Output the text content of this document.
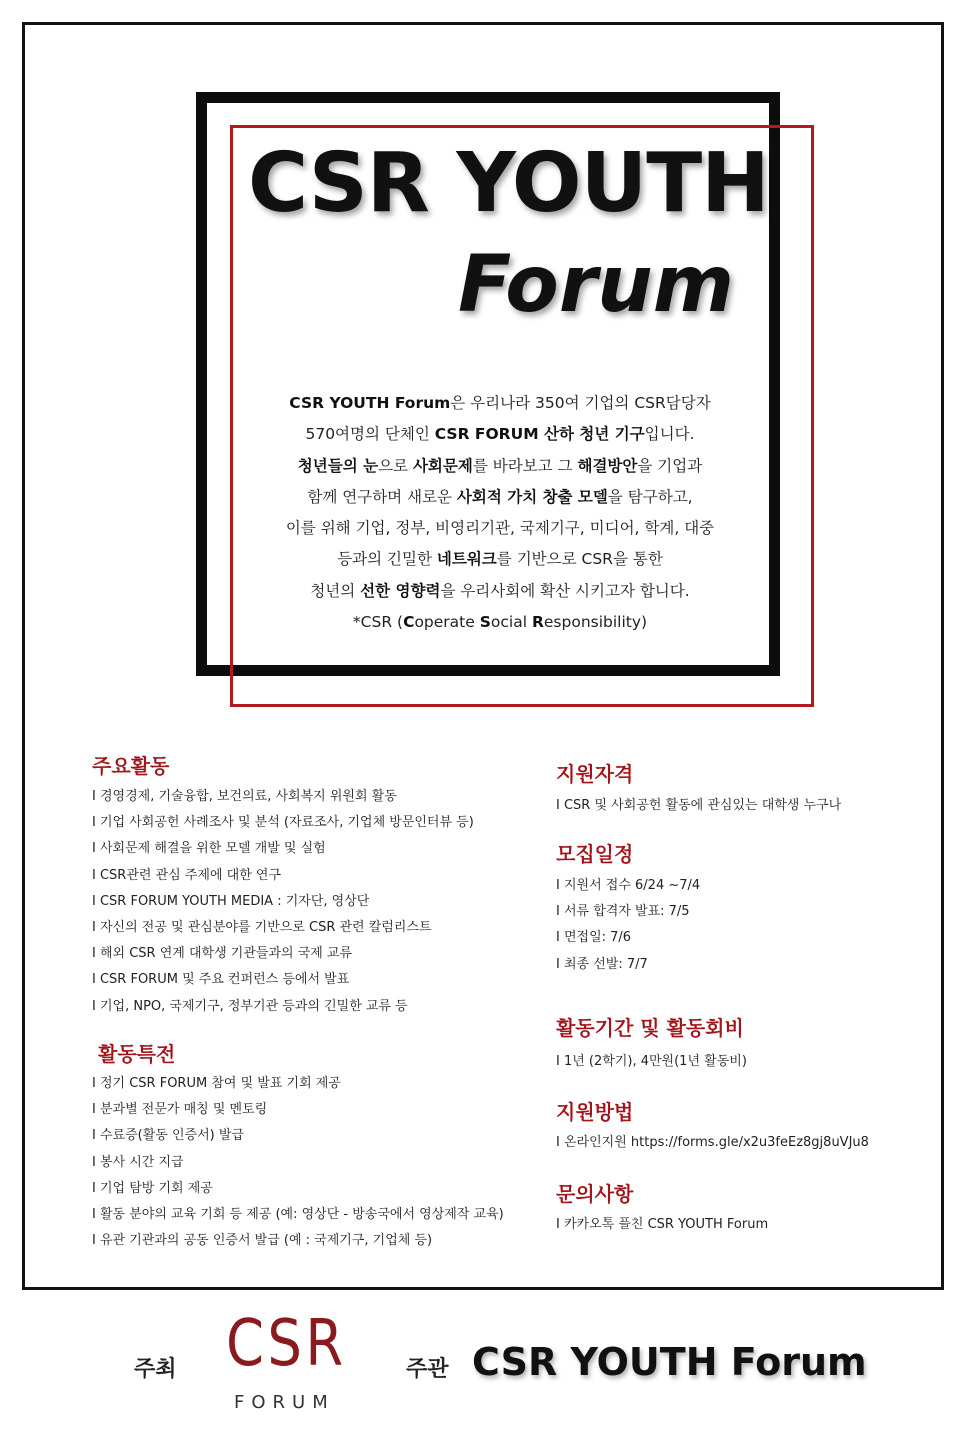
CSR YOUTH
Forum

CSR YOUTH Forum은 우리나라 350여 기업의 CSR담당자

570여명의 단체인 CSR FORUM 산하 청년 기구입니다.

청년들의 눈으로 사회문제를 바라보고 그 해결방안을 기업과

함께 연구하며 새로운 사회적 가치 창출 모델을 탐구하고,

이를 위해 기업, 정부, 비영리기관, 국제기구, 미디어, 학계, 대중

등과의 긴밀한 네트워크를 기반으로 CSR을 통한

청년의 선한 영향력을 우리사회에 확산 시키고자 합니다.

*CSR (Coperate Social Responsibility)

주요활동
I 경영경제, 기술융합, 보건의료, 사회복지 위원회 활동
I 기업 사회공헌 사례조사 및 분석 (자료조사, 기업체 방문인터뷰 등)
I 사회문제 해결을 위한 모델 개발 및 실험
I CSR관련 관심 주제에 대한 연구
I CSR FORUM YOUTH MEDIA : 기자단, 영상단
I 자신의 전공 및 관심분야를 기반으로 CSR 관련 칼럼리스트
I 해외 CSR 연계 대학생 기관들과의 국제 교류
I CSR FORUM 및 주요 컨퍼런스 등에서 발표
I 기업, NPO, 국제기구, 정부기관 등과의 긴밀한 교류 등
활동특전
I 정기 CSR FORUM 참여 및 발표 기회 제공
I 분과별 전문가 매칭 및 멘토링
I 수료증(활동 인증서) 발급
I 봉사 시간 지급
I 기업 탐방 기회 제공
I 활동 분야의 교육 기회 등 제공 (예: 영상단 - 방송국에서 영상제작 교육)
I 유관 기관과의 공동 인증서 발급 (예 : 국제기구, 기업체 등)
지원자격

I CSR 및 사회공헌 활동에 관심있는 대학생 누구나

모집일정
I 지원서 접수 6/24 ~7/4
I 서류 합격자 발표: 7/5
I 면접일: 7/6
I 최종 선발: 7/7
활동기간 및 활동회비

I 1년 (2학기), 4만원(1년 활동비)

지원방법

I 온라인지원 https://forms.gle/x2u3feEz8gj8uVJu8

문의사항

I 카카오톡 플친 CSR YOUTH Forum

주최 CSR

FORUM

주관 CSR YOUTH Forum
